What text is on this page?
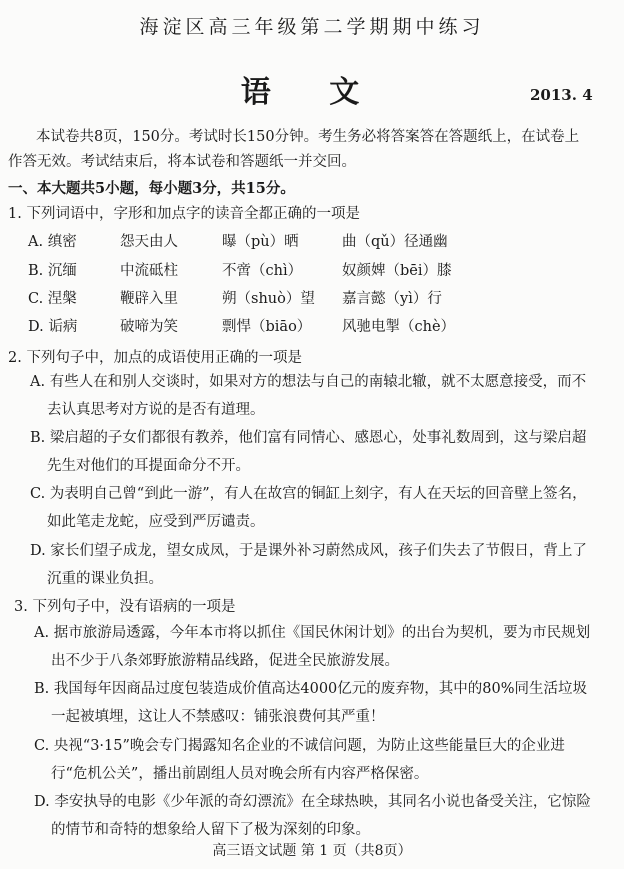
海淀区高三年级第二学期期中练习
语 文	2013. 4
本试卷共8页，150分。考试时长150分钟。考生务必将答案答在答题纸上，在试卷上
作答无效。考试结束后，将本试卷和答题纸一并交回。
一、本大题共5小题，每小题3分，共15分。
1. 下列词语中，字形和加点字的读音全都正确的一项是
A. 缜密	怨天由人	曝（pù）晒	曲（qǔ）径通幽
B. 沉缅	中流砥柱	不啻（chì）	奴颜婢（bēi）膝
C. 涅槃	鞭辟入里	朔（shuò）望 嘉言懿（yì）行
D. 诟病	破啼为笑	剽悍（biāo） 风驰电掣（chè）
2. 下列句子中，加点的成语使用正确的一项是
A. 有些人在和别人交谈时，如果对方的想法与自己的南辕北辙，就不太愿意接受，而不
去认真思考对方说的是否有道理。
B. 梁启超的子女们都很有教养，他们富有同情心、感恩心，处事礼数周到，这与梁启超
先生对他们的耳提面命分不开。
C. 为表明自己曾“到此一游”，有人在故宫的铜缸上刻字，有人在天坛的回音壁上签名，
如此笔走龙蛇，应受到严厉谴责。
D. 家长们望子成龙，望女成凤，于是课外补习蔚然成风，孩子们失去了节假日，背上了
沉重的课业负担。
3. 下列句子中，没有语病的一项是
A. 据市旅游局透露，今年本市将以抓住《国民休闲计划》的出台为契机，要为市民规划
出不少于八条郊野旅游精品线路，促进全民旅游发展。
B. 我国每年因商品过度包装造成价值高达4000亿元的废弃物，其中的80%同生活垃圾
一起被填埋，这让人不禁感叹：铺张浪费何其严重！
C. 央视“3·15”晚会专门揭露知名企业的不诚信问题，为防止这些能量巨大的企业进
行“危机公关”，播出前剧组人员对晚会所有内容严格保密。
D. 李安执导的电影《少年派的奇幻漂流》在全球热映，其同名小说也备受关注，它惊险
的情节和奇特的想象给人留下了极为深刻的印象。
高三语文试题 第 1 页（共8页）
